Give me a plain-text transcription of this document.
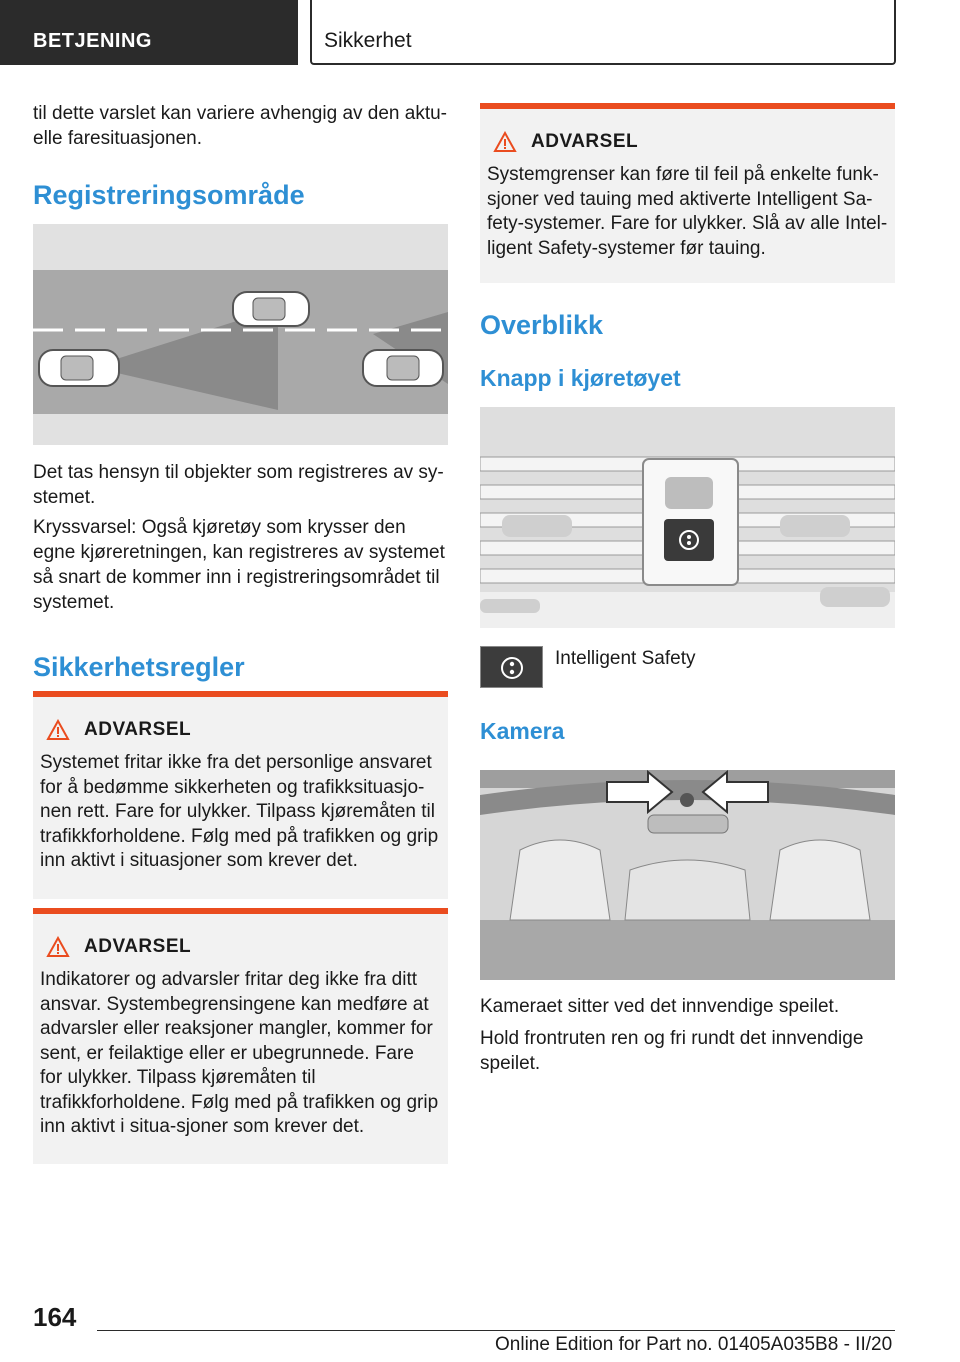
BETJENING	Sikkerhet

til dette varslet kan variere avhengig av den aktu-elle faresituasjonen.

Registreringsområde

Det tas hensyn til objekter som registreres av sy-stemet.

Kryssvarsel: Også kjøretøy som krysser den egne kjøreretningen, kan registreres av systemet så snart de kommer inn i registreringsområdet til systemet.

Sikkerhetsregler
ADVARSEL

Systemet fritar ikke fra det personlige ansvaret for å bedømme sikkerheten og trafikksituasjo-nen rett. Fare for ulykker. Tilpass kjøremåten til trafikkforholdene. Følg med på trafikken og grip inn aktivt i situasjoner som krever det.

ADVARSEL

Indikatorer og advarsler fritar deg ikke fra ditt ansvar. Systembegrensingene kan medføre at advarsler eller reaksjoner mangler, kommer for sent, er feilaktige eller er ubegrunnede. Fare for ulykker. Tilpass kjøremåten til trafikkforholdene. Følg med på trafikken og grip inn aktivt i situa-sjoner som krever det.

ADVARSEL

Systemgrenser kan føre til feil på enkelte funk-sjoner ved tauing med aktiverte Intelligent Sa-fety-systemer. Fare for ulykker. Slå av alle Intel-ligent Safety-systemer før tauing.

Overblikk
Knapp i kjøretøyet

Intelligent Safety

Kamera

Kameraet sitter ved det innvendige speilet.

Hold frontruten ren og fri rundt det innvendige speilet.

164
Online Edition for Part no. 01405A035B8 - II/20
